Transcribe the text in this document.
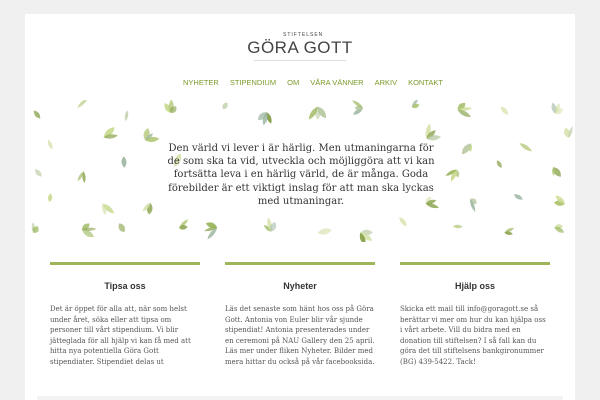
STIFTELSEN
GÖRA GOTT
NYHETER STIPENDIUM OM VÅRA VÄNNER ARKIV KONTAKT

Den värld vi lever i är härlig. Men utmaningarna för de som ska ta vid, utveckla och möjliggöra att vi kan fortsätta leva i en härlig värld, de är många. Goda förebilder är ett viktigt inslag för att man ska lyckas med utmaningar.

Tipsa oss

Det är öppet för alla att, när som helst under året, söka eller att tipsa om personer till vårt stipendium. Vi blir jätteglada för all hjälp vi kan få med att hitta nya potentiella Göra Gott stipendiater. Stipendiet delas ut

Nyheter

Läs det senaste som hänt hos oss på Göra Gott. Antonia von Euler blir vår sjunde stipendiat! Antonia presenterades under en ceremoni på NAU Gallery den 25 april. Läs mer under fliken Nyheter. Bilder med mera hittar du också på vår facebooksida.

Hjälp oss

Skicka ett mail till info@goragott.se så berättar vi mer om hur du kan hjälpa oss i vårt arbete. Vill du bidra med en donation till stiftelsen? I så fall kan du göra det till stiftelsens bankgironummer (BG) 439-5422. Tack!
